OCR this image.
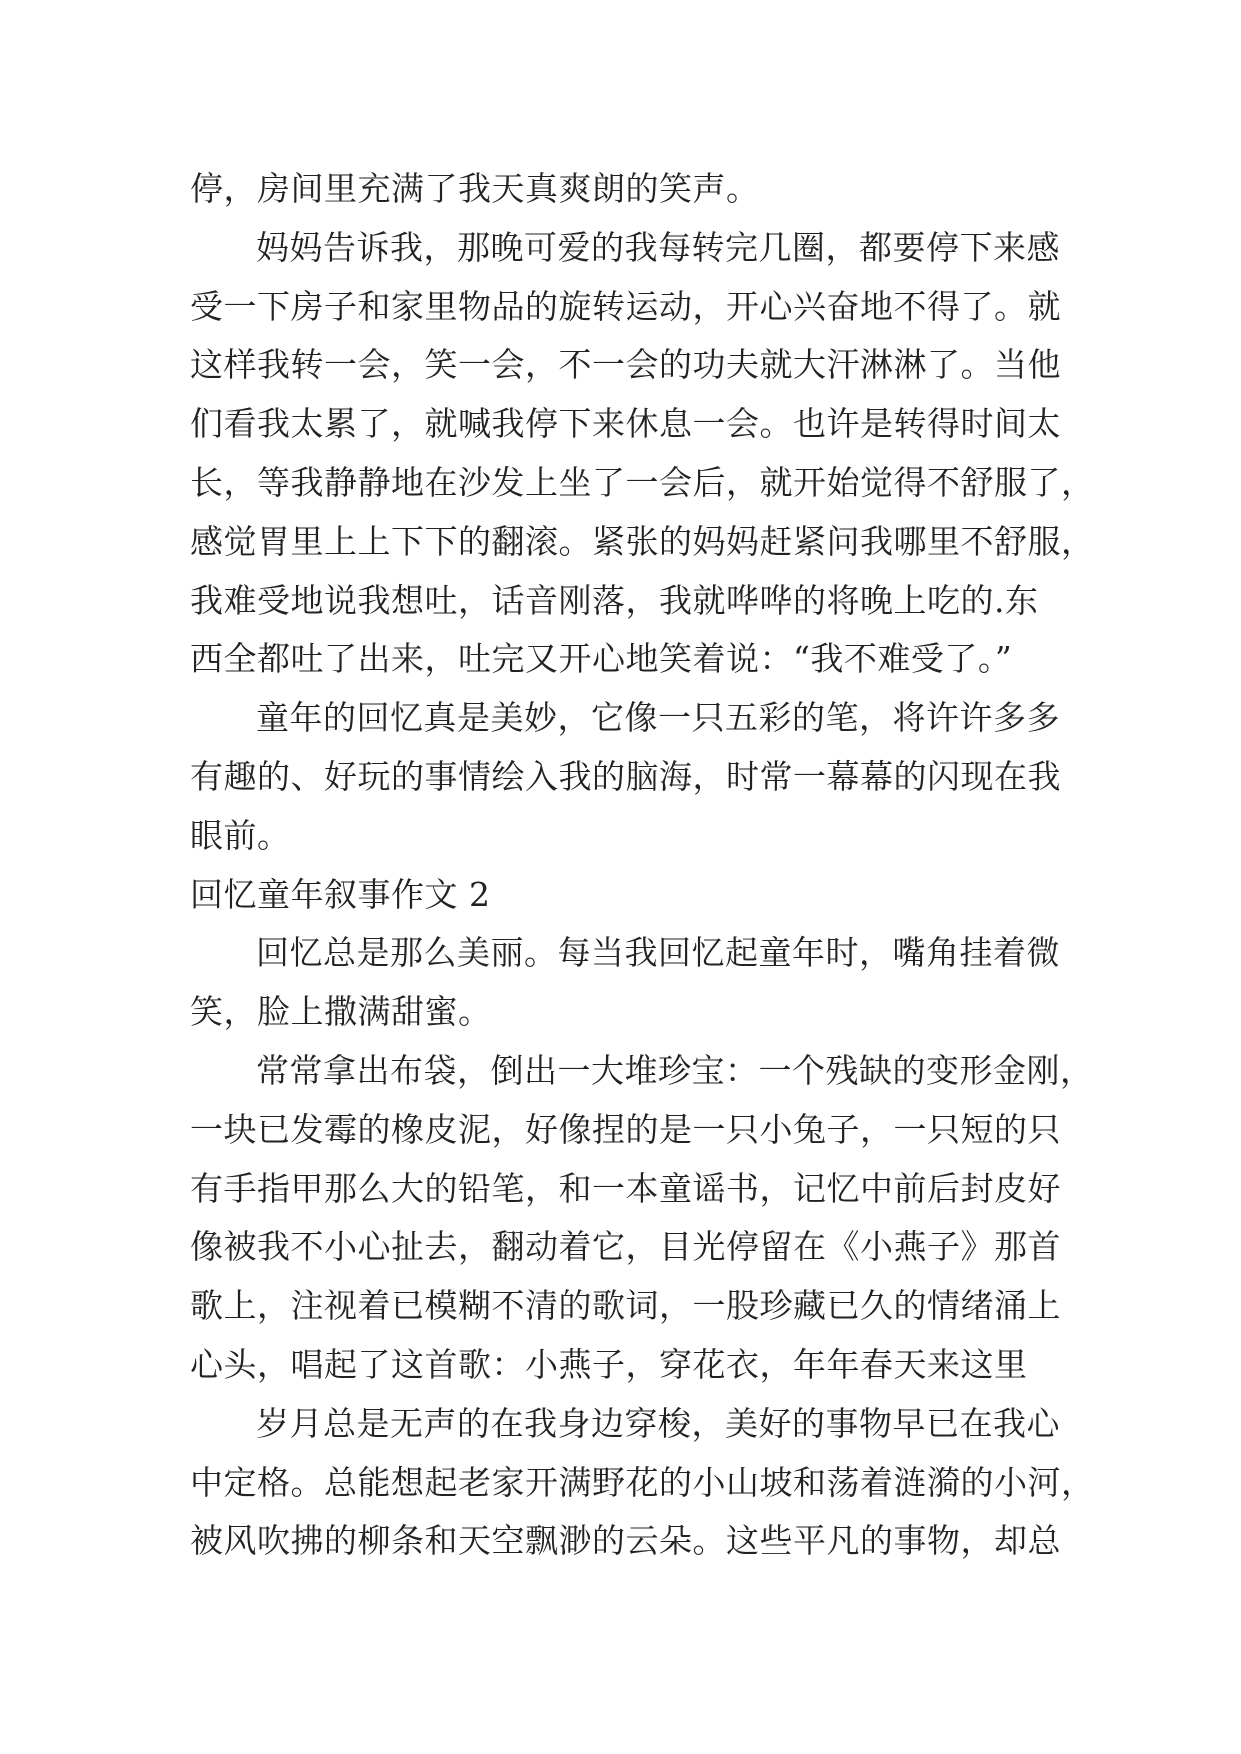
停，房间里充满了我天真爽朗的笑声。
妈妈告诉我，那晚可爱的我每转完几圈，都要停下来感
受一下房子和家里物品的旋转运动，开心兴奋地不得了。就
这样我转一会，笑一会，不一会的功夫就大汗淋淋了。当他
们看我太累了，就喊我停下来休息一会。也许是转得时间太
长，等我静静地在沙发上坐了一会后，就开始觉得不舒服了，
感觉胃里上上下下的翻滚。紧张的妈妈赶紧问我哪里不舒服，
我难受地说我想吐，话音刚落，我就哗哗的将晚上吃的.东
西全都吐了出来，吐完又开心地笑着说：“我不难受了。”
童年的回忆真是美妙，它像一只五彩的笔，将许许多多
有趣的、好玩的事情绘入我的脑海，时常一幕幕的闪现在我
眼前。
回忆童年叙事作文 2
回忆总是那么美丽。每当我回忆起童年时，嘴角挂着微
笑，脸上撒满甜蜜。
常常拿出布袋，倒出一大堆珍宝：一个残缺的变形金刚，
一块已发霉的橡皮泥，好像捏的是一只小兔子，一只短的只
有手指甲那么大的铅笔，和一本童谣书，记忆中前后封皮好
像被我不小心扯去，翻动着它，目光停留在《小燕子》那首
歌上，注视着已模糊不清的歌词，一股珍藏已久的情绪涌上
心头，唱起了这首歌：小燕子，穿花衣，年年春天来这里
岁月总是无声的在我身边穿梭，美好的事物早已在我心
中定格。总能想起老家开满野花的小山坡和荡着涟漪的小河，
被风吹拂的柳条和天空飘渺的云朵。这些平凡的事物，却总
